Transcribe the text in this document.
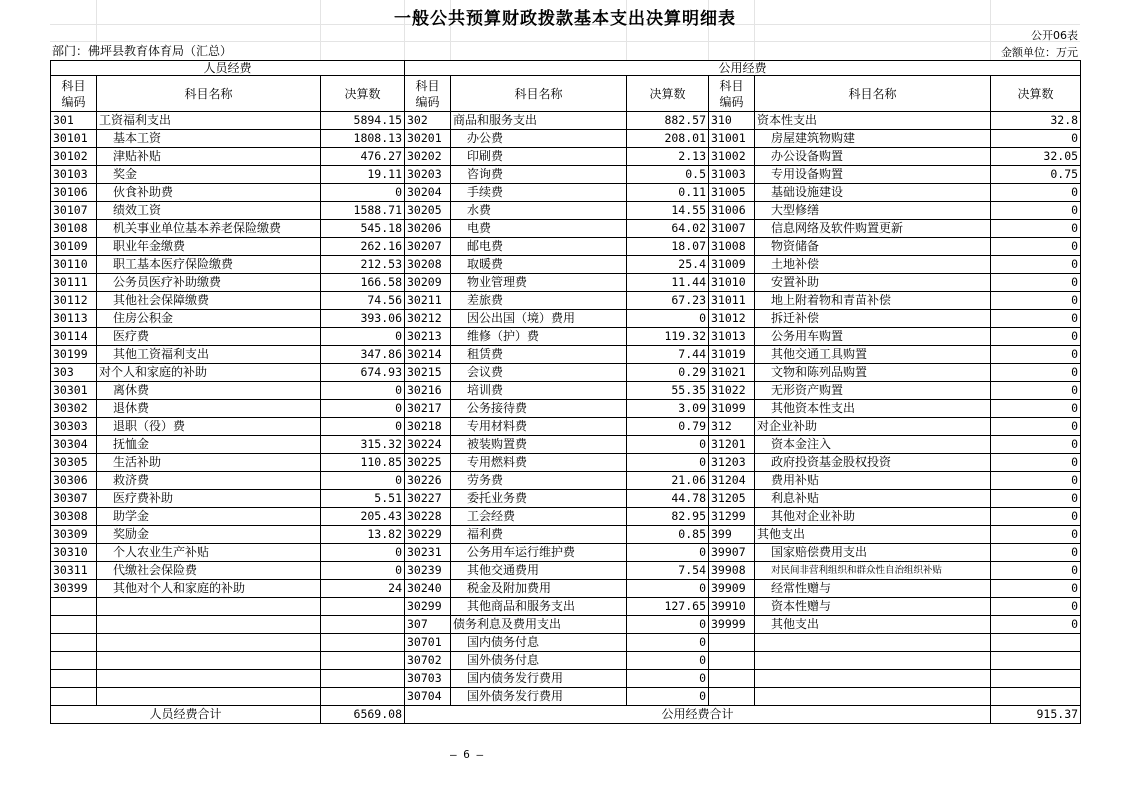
一般公共预算财政拨款基本支出决算明细表
公开06表
部门：佛坪县教育体育局（汇总）	金额单位：万元
人员经费			公用经费					
科目
编码	科目名称	决算数	科目
编码	科目名称	决算数	科目
编码	科目名称	决算数
301	工资福利支出	5894.15	302	商品和服务支出	882.57	310	资本性支出	32.8
30101	基本工资	1808.13	30201	办公费	208.01	31001	房屋建筑物购建	0
30102	津贴补贴	476.27	30202	印刷费	2.13	31002	办公设备购置	32.05
30103	奖金	19.11	30203	咨询费	0.5	31003	专用设备购置	0.75
30106	伙食补助费	0	30204	手续费	0.11	31005	基础设施建设	0
30107	绩效工资	1588.71	30205	水费	14.55	31006	大型修缮	0
30108	机关事业单位基本养老保险缴费	545.18	30206	电费	64.02	31007	信息网络及软件购置更新	0
30109	职业年金缴费	262.16	30207	邮电费	18.07	31008	物资储备	0
30110	职工基本医疗保险缴费	212.53	30208	取暖费	25.4	31009	土地补偿	0
30111	公务员医疗补助缴费	166.58	30209	物业管理费	11.44	31010	安置补助	0
30112	其他社会保障缴费	74.56	30211	差旅费	67.23	31011	地上附着物和青苗补偿	0
30113	住房公积金	393.06	30212	因公出国（境）费用	0	31012	拆迁补偿	0
30114	医疗费	0	30213	维修（护）费	119.32	31013	公务用车购置	0
30199	其他工资福利支出	347.86	30214	租赁费	7.44	31019	其他交通工具购置	0
303	对个人和家庭的补助	674.93	30215	会议费	0.29	31021	文物和陈列品购置	0
30301	离休费	0	30216	培训费	55.35	31022	无形资产购置	0
30302	退休费	0	30217	公务接待费	3.09	31099	其他资本性支出	0
30303	退职（役）费	0	30218	专用材料费	0.79	312	对企业补助	0
30304	抚恤金	315.32	30224	被装购置费	0	31201	资本金注入	0
30305	生活补助	110.85	30225	专用燃料费	0	31203	政府投资基金股权投资	0
30306	救济费	0	30226	劳务费	21.06	31204	费用补贴	0
30307	医疗费补助	5.51	30227	委托业务费	44.78	31205	利息补贴	0
30308	助学金	205.43	30228	工会经费	82.95	31299	其他对企业补助	0
30309	奖励金	13.82	30229	福利费	0.85	399	其他支出	0
30310	个人农业生产补贴	0	30231	公务用车运行维护费	0	39907	国家赔偿费用支出	0
30311	代缴社会保险费	0	30239	其他交通费用	7.54	39908	对民间非营利组织和群众性自治组织补贴	0
30399	其他对个人和家庭的补助	24	30240	税金及附加费用	0	39909	经常性赠与	0
			30299	其他商品和服务支出	127.65	39910	资本性赠与	0
			307	债务利息及费用支出	0	39999	其他支出	0
			30701	国内债务付息	0			
			30702	国外债务付息	0			
			30703	国内债务发行费用	0			
			30704	国外债务发行费用	0			
人员经费合计		6569.08	公用经费合计					915.37
— 6 —
